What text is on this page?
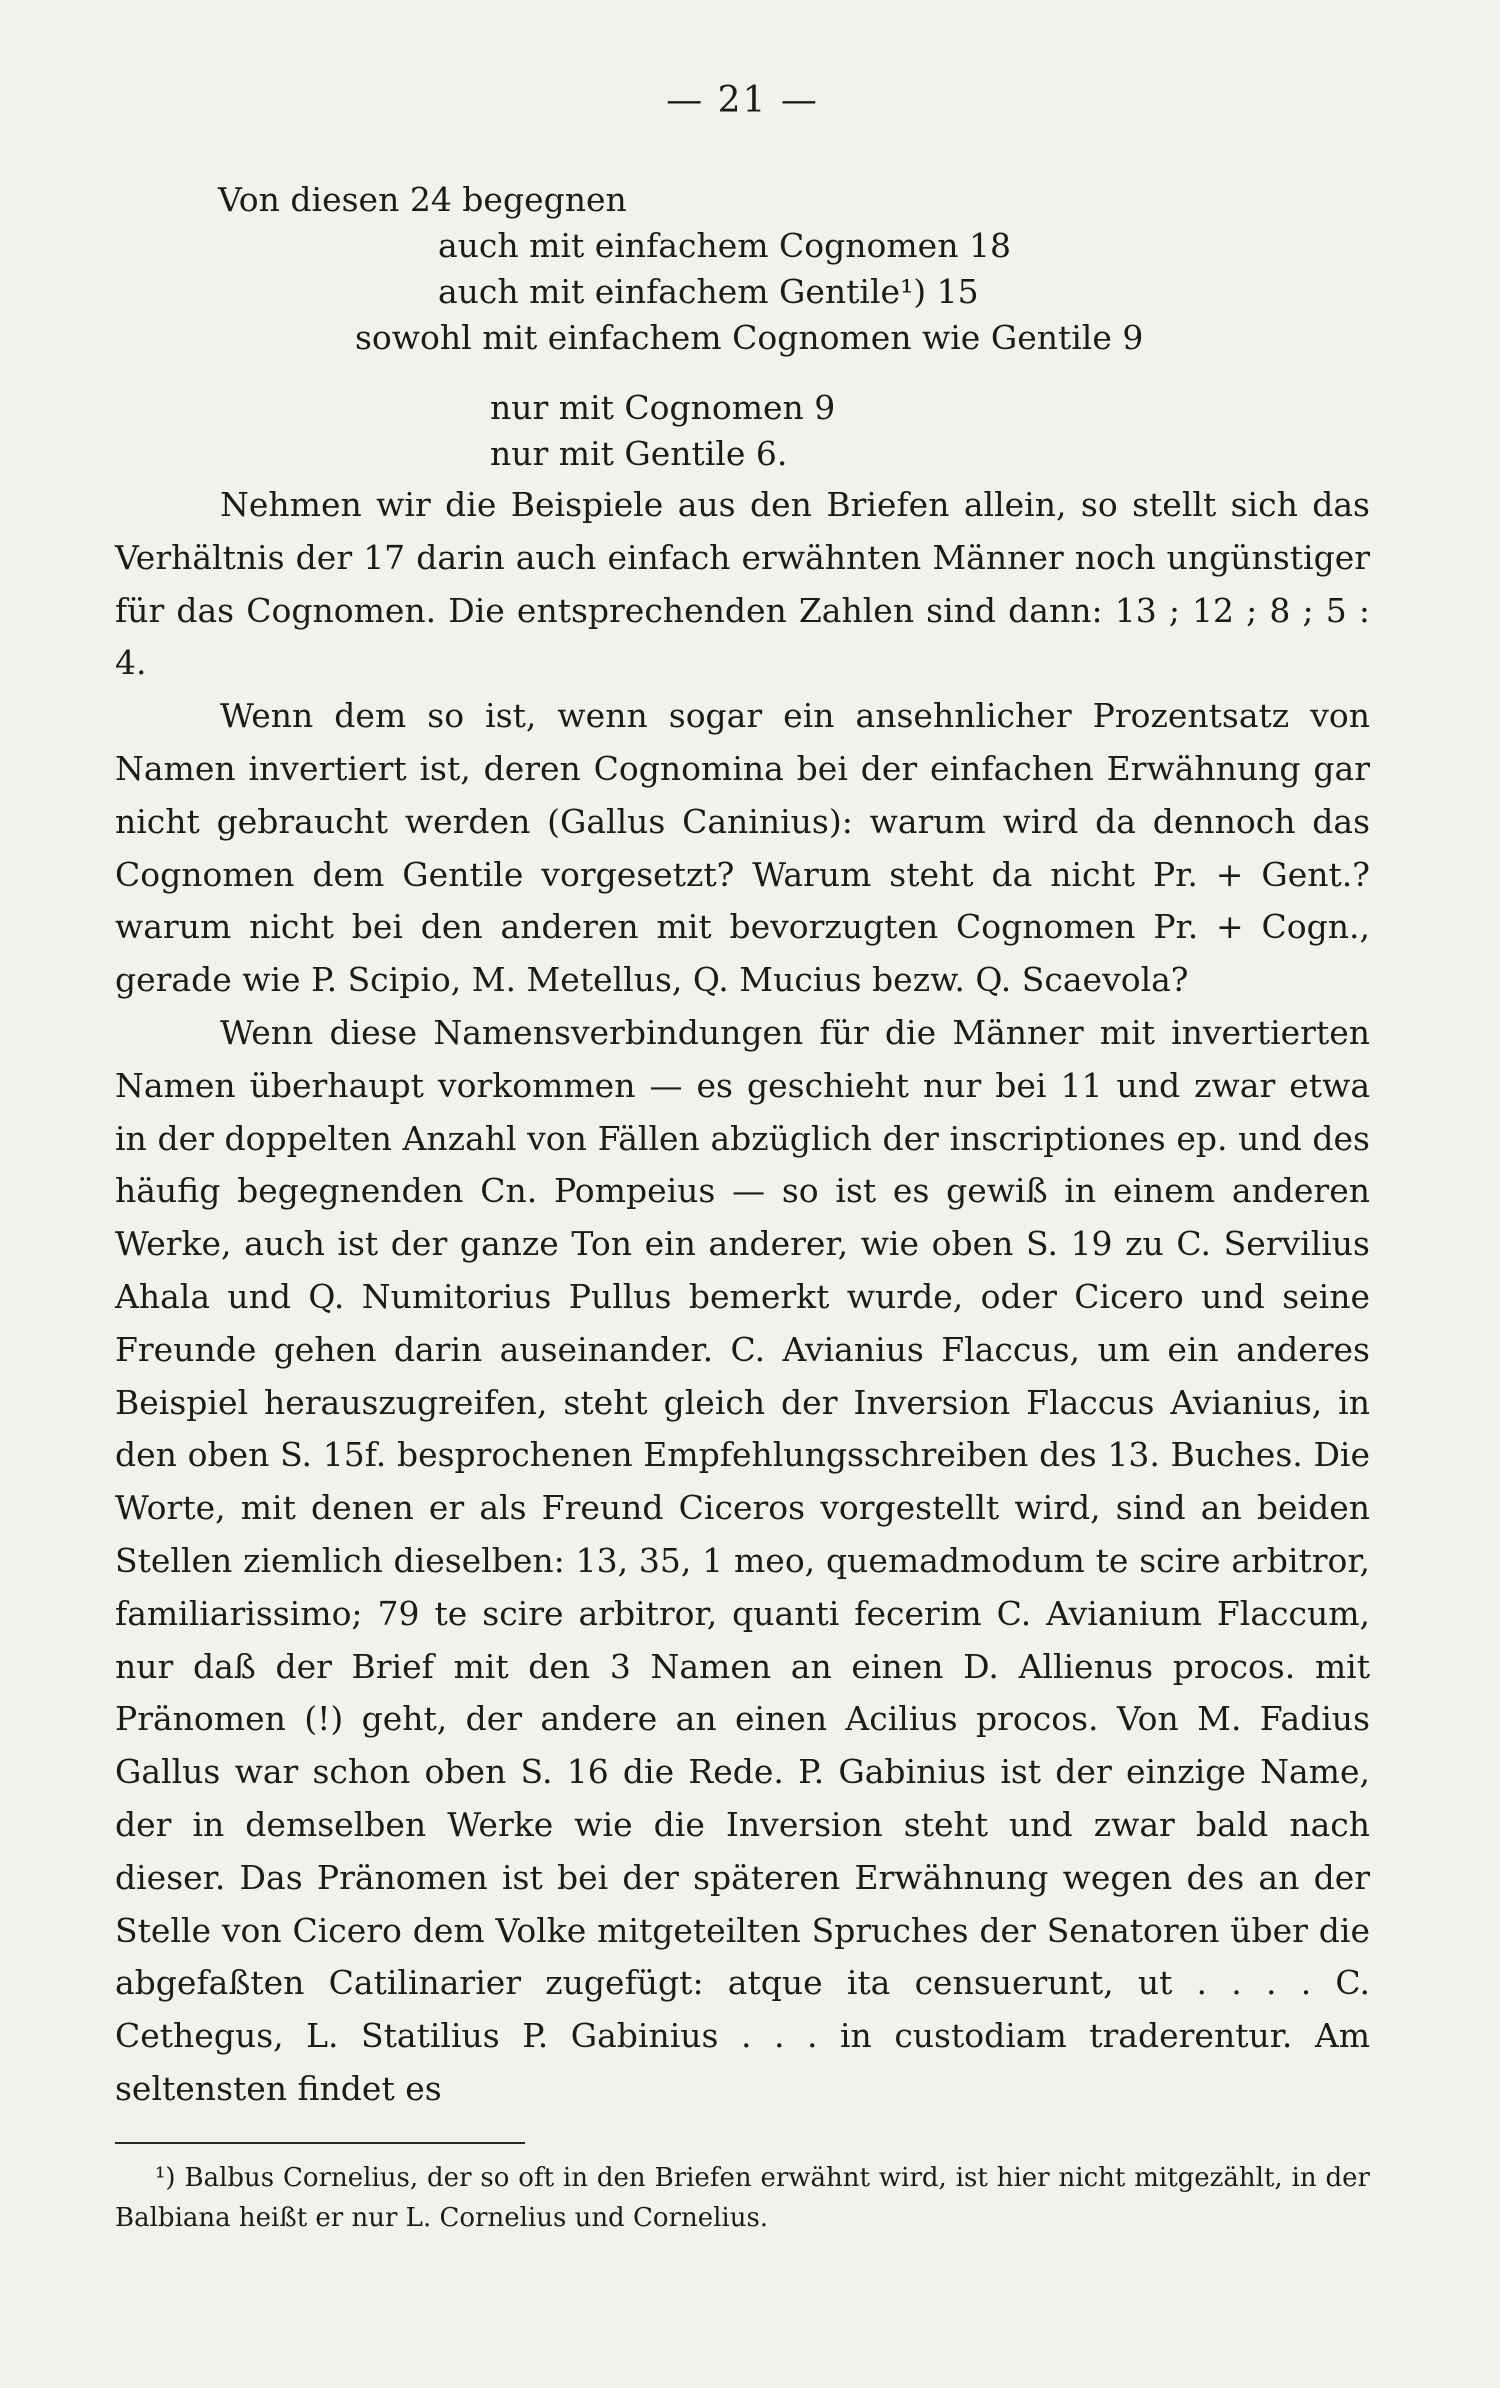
— 21 —
Von diesen 24 begegnen
auch mit einfachem Cognomen 18
auch mit einfachem Gentile¹) 15
sowohl mit einfachem Cognomen wie Gentile 9
nur mit Cognomen 9
nur mit Gentile 6.

Nehmen wir die Beispiele aus den Briefen allein, so stellt sich das Verhältnis der 17 darin auch einfach erwähnten Männer noch ungünstiger für das Cognomen. Die entsprechenden Zahlen sind dann: 13 ; 12 ; 8 ; 5 : 4.

Wenn dem so ist, wenn sogar ein ansehnlicher Prozentsatz von Namen invertiert ist, deren Cognomina bei der einfachen Erwähnung gar nicht gebraucht werden (Gallus Caninius): warum wird da dennoch das Cognomen dem Gentile vorgesetzt? Warum steht da nicht Pr. + Gent.? warum nicht bei den anderen mit bevorzugten Cognomen Pr. + Cogn., gerade wie P. Scipio, M. Metellus, Q. Mucius bezw. Q. Scaevola?

Wenn diese Namensverbindungen für die Männer mit invertierten Namen überhaupt vorkommen — es geschieht nur bei 11 und zwar etwa in der doppelten Anzahl von Fällen abzüglich der inscriptiones ep. und des häufig begegnenden Cn. Pompeius — so ist es gewiß in einem anderen Werke, auch ist der ganze Ton ein anderer, wie oben S. 19 zu C. Servilius Ahala und Q. Numitorius Pullus bemerkt wurde, oder Cicero und seine Freunde gehen darin auseinander. C. Avianius Flaccus, um ein anderes Beispiel herauszugreifen, steht gleich der Inversion Flaccus Avianius, in den oben S. 15f. besprochenen Empfehlungsschreiben des 13. Buches. Die Worte, mit denen er als Freund Ciceros vorgestellt wird, sind an beiden Stellen ziemlich dieselben: 13, 35, 1 meo, quemadmodum te scire arbitror, familiarissimo; 79 te scire arbitror, quanti fecerim C. Avianium Flaccum, nur daß der Brief mit den 3 Namen an einen D. Allienus procos. mit Pränomen (!) geht, der andere an einen Acilius procos. Von M. Fadius Gallus war schon oben S. 16 die Rede. P. Gabinius ist der einzige Name, der in demselben Werke wie die Inversion steht und zwar bald nach dieser. Das Pränomen ist bei der späteren Erwähnung wegen des an der Stelle von Cicero dem Volke mitgeteilten Spruches der Senatoren über die abgefaßten Catilinarier zugefügt: atque ita censuerunt, ut . . . . C. Cethegus, L. Statilius P. Gabinius . . . in custodiam traderentur. Am seltensten findet es

¹) Balbus Cornelius, der so oft in den Briefen erwähnt wird, ist hier nicht mitgezählt, in der Balbiana heißt er nur L. Cornelius und Cornelius.
